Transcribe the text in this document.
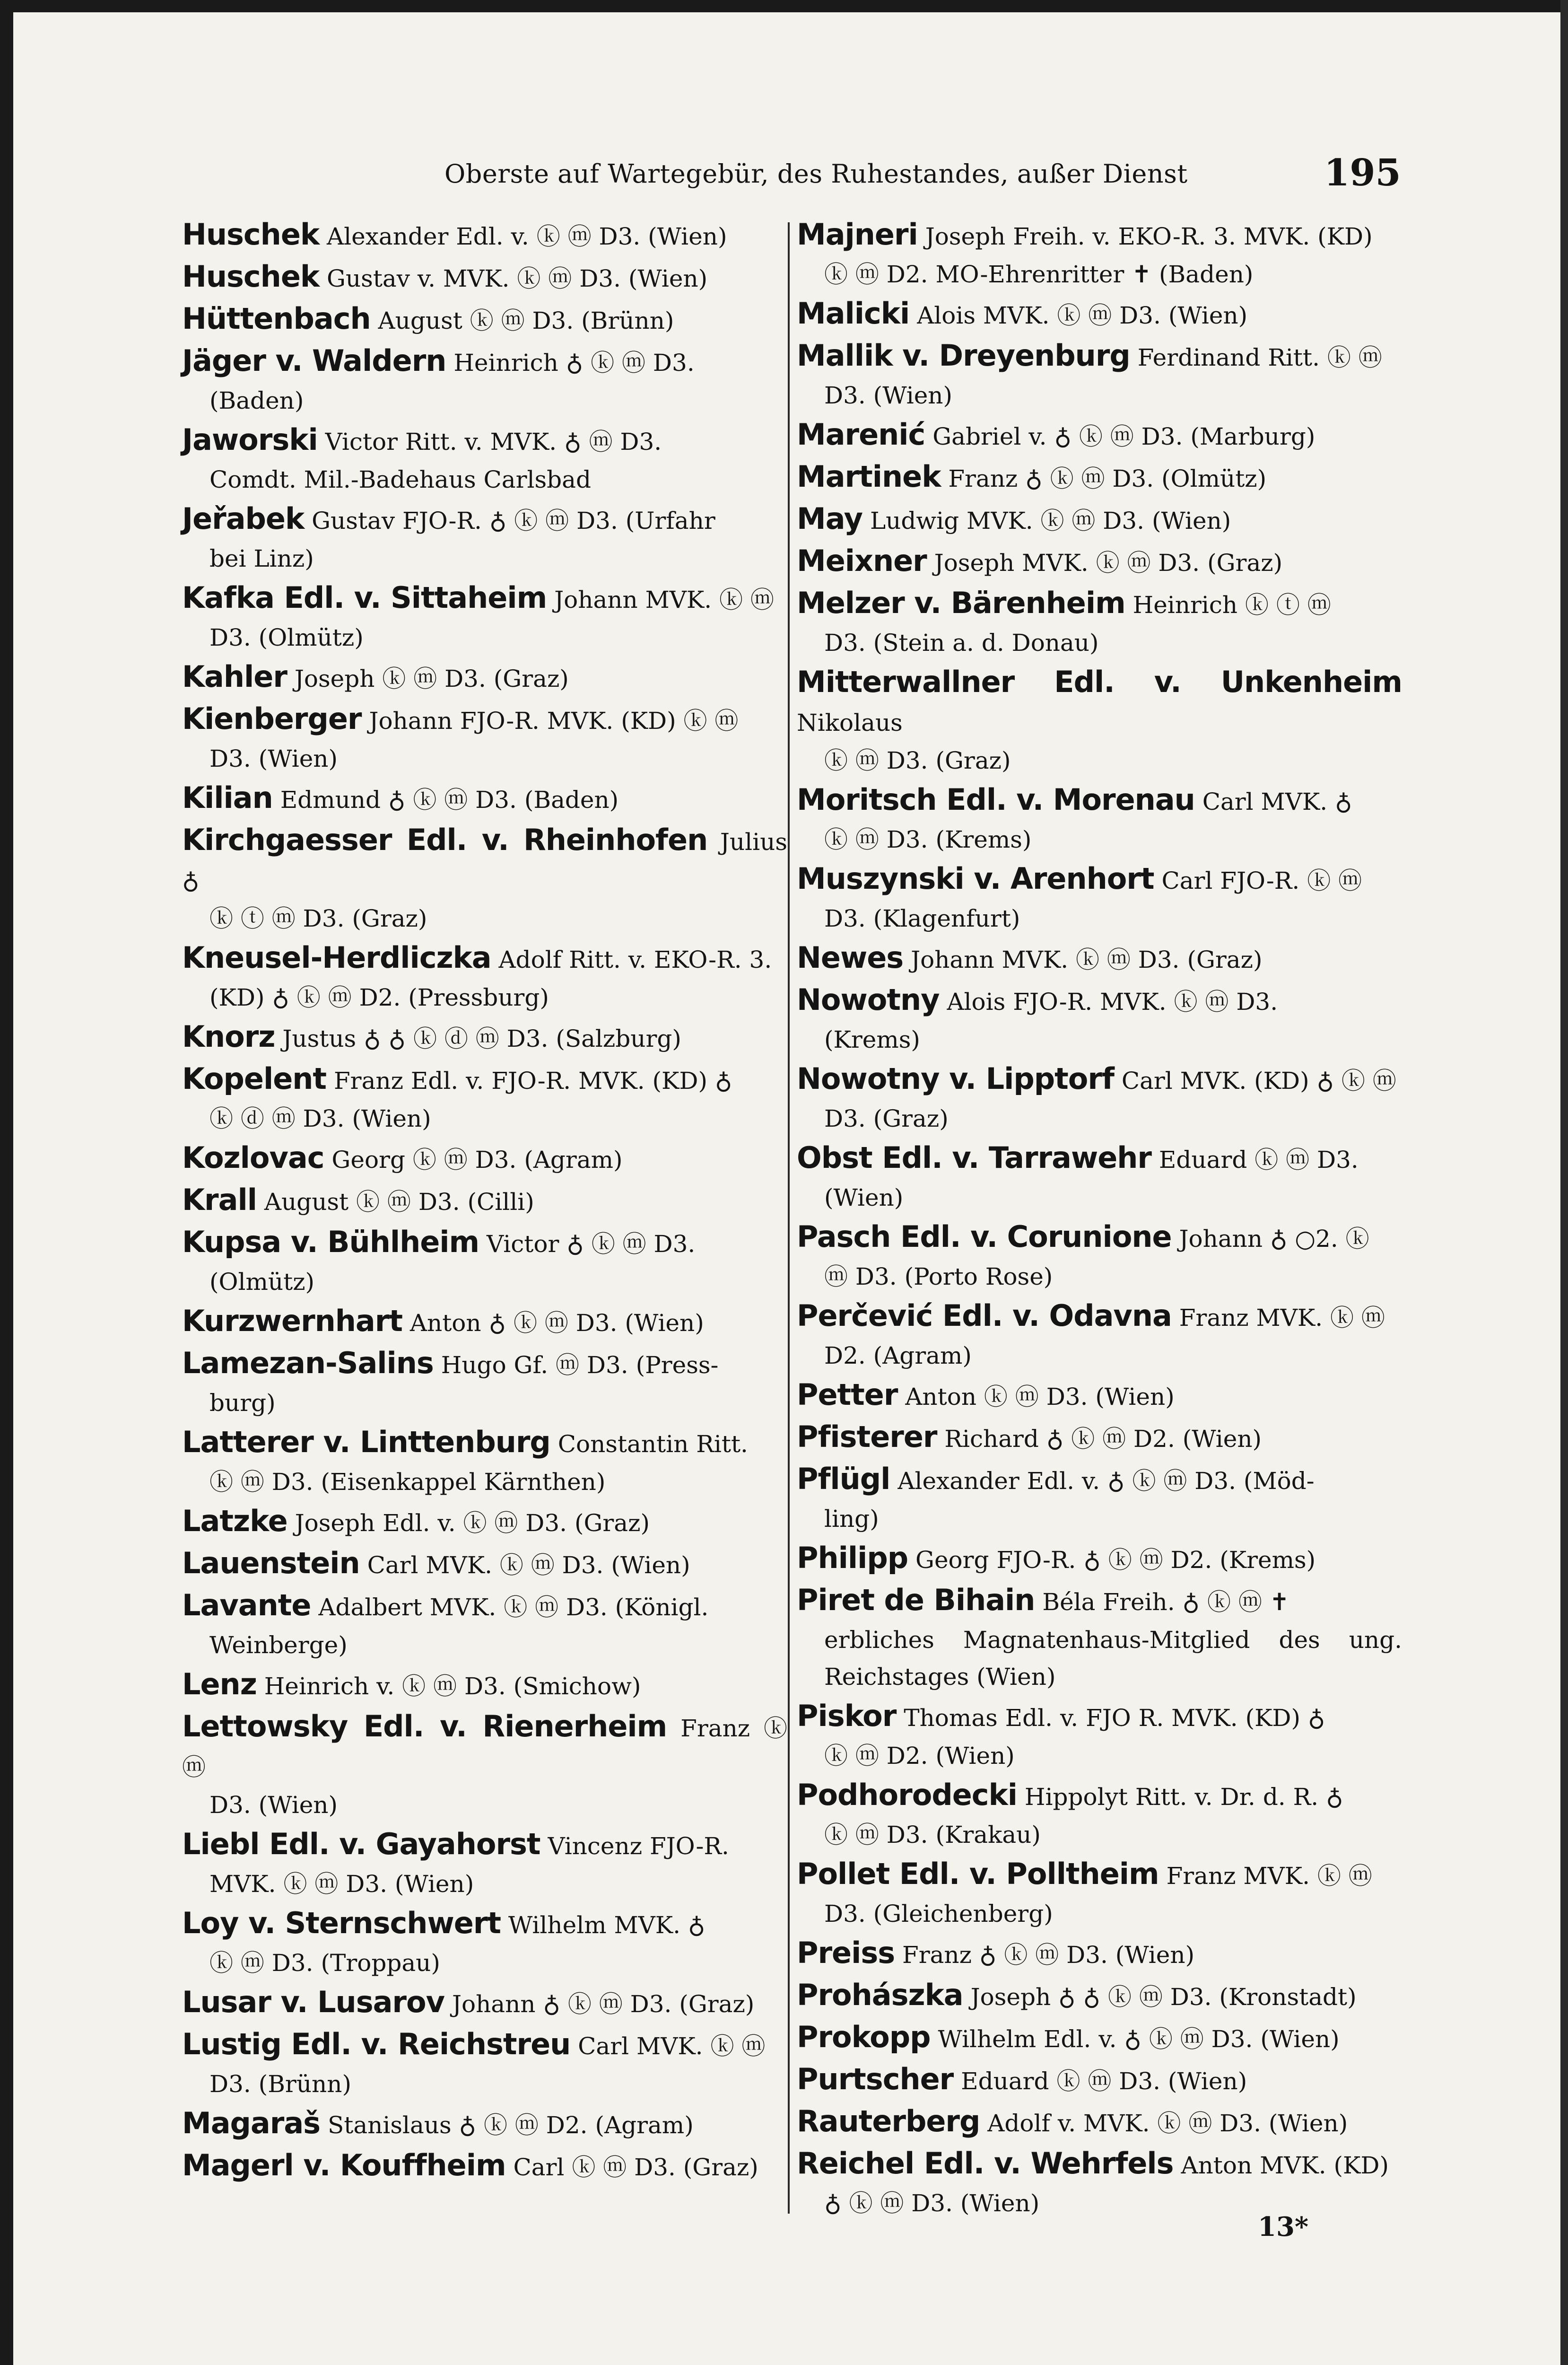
Oberste auf Wartegebür, des Ruhestandes, außer Dienst	195
Huschek Alexander Edl. v. ⓚ ⓜ D3. (Wien)
Huschek Gustav v. MVK. ⓚ ⓜ D3. (Wien)
Hüttenbach August ⓚ ⓜ D3. (Brünn)
Jäger v. Waldern Heinrich ♁ ⓚ ⓜ D3.
(Baden)
Jaworski Victor Ritt. v. MVK. ♁ ⓜ D3.
Comdt. Mil.-Badehaus Carlsbad
Jeřabek Gustav FJO-R. ♁ ⓚ ⓜ D3. (Urfahr
bei Linz)
Kafka Edl. v. Sittaheim Johann MVK. ⓚ ⓜ
D3. (Olmütz)
Kahler Joseph ⓚ ⓜ D3. (Graz)
Kienberger Johann FJO-R. MVK. (KD) ⓚ ⓜ
D3. (Wien)
Kilian Edmund ♁ ⓚ ⓜ D3. (Baden)
Kirchgaesser Edl. v. Rheinhofen Julius ♁
ⓚ ⓣ ⓜ D3. (Graz)
Kneusel-Herdliczka Adolf Ritt. v. EKO-R. 3.
(KD) ♁ ⓚ ⓜ D2. (Pressburg)
Knorz Justus ♁ ♁ ⓚ ⓓ ⓜ D3. (Salzburg)
Kopelent Franz Edl. v. FJO-R. MVK. (KD) ♁
ⓚ ⓓ ⓜ D3. (Wien)
Kozlovac Georg ⓚ ⓜ D3. (Agram)
Krall August ⓚ ⓜ D3. (Cilli)
Kupsa v. Bühlheim Victor ♁ ⓚ ⓜ D3.
(Olmütz)
Kurzwernhart Anton ♁ ⓚ ⓜ D3. (Wien)
Lamezan-Salins Hugo Gf. ⓜ D3. (Press-
burg)
Latterer v. Linttenburg Constantin Ritt.
ⓚ ⓜ D3. (Eisenkappel Kärnthen)
Latzke Joseph Edl. v. ⓚ ⓜ D3. (Graz)
Lauenstein Carl MVK. ⓚ ⓜ D3. (Wien)
Lavante Adalbert MVK. ⓚ ⓜ D3. (Königl.
Weinberge)
Lenz Heinrich v. ⓚ ⓜ D3. (Smichow)
Lettowsky Edl. v. Rienerheim Franz ⓚ ⓜ
D3. (Wien)
Liebl Edl. v. Gayahorst Vincenz FJO-R.
MVK. ⓚ ⓜ D3. (Wien)
Loy v. Sternschwert Wilhelm MVK. ♁
ⓚ ⓜ D3. (Troppau)
Lusar v. Lusarov Johann ♁ ⓚ ⓜ D3. (Graz)
Lustig Edl. v. Reichstreu Carl MVK. ⓚ ⓜ
D3. (Brünn)
Magaraš Stanislaus ♁ ⓚ ⓜ D2. (Agram)
Magerl v. Kouffheim Carl ⓚ ⓜ D3. (Graz)
Majneri Joseph Freih. v. EKO-R. 3. MVK. (KD)
ⓚ ⓜ D2. MO-Ehrenritter ✝ (Baden)
Malicki Alois MVK. ⓚ ⓜ D3. (Wien)
Mallik v. Dreyenburg Ferdinand Ritt. ⓚ ⓜ
D3. (Wien)
Marenić Gabriel v. ♁ ⓚ ⓜ D3. (Marburg)
Martinek Franz ♁ ⓚ ⓜ D3. (Olmütz)
May Ludwig MVK. ⓚ ⓜ D3. (Wien)
Meixner Joseph MVK. ⓚ ⓜ D3. (Graz)
Melzer v. Bärenheim Heinrich ⓚ ⓣ ⓜ
D3. (Stein a. d. Donau)
Mitterwallner Edl. v. Unkenheim Nikolaus
ⓚ ⓜ D3. (Graz)
Moritsch Edl. v. Morenau Carl MVK. ♁
ⓚ ⓜ D3. (Krems)
Muszynski v. Arenhort Carl FJO-R. ⓚ ⓜ
D3. (Klagenfurt)
Newes Johann MVK. ⓚ ⓜ D3. (Graz)
Nowotny Alois FJO-R. MVK. ⓚ ⓜ D3.
(Krems)
Nowotny v. Lipptorf Carl MVK. (KD) ♁ ⓚ ⓜ
D3. (Graz)
Obst Edl. v. Tarrawehr Eduard ⓚ ⓜ D3.
(Wien)
Pasch Edl. v. Corunione Johann ♁ ○2. ⓚ
ⓜ D3. (Porto Rose)
Perčević Edl. v. Odavna Franz MVK. ⓚ ⓜ
D2. (Agram)
Petter Anton ⓚ ⓜ D3. (Wien)
Pfisterer Richard ♁ ⓚ ⓜ D2. (Wien)
Pflügl Alexander Edl. v. ♁ ⓚ ⓜ D3. (Möd-
ling)
Philipp Georg FJO-R. ♁ ⓚ ⓜ D2. (Krems)
Piret de Bihain Béla Freih. ♁ ⓚ ⓜ ✝
erbliches Magnatenhaus-Mitglied des ung. Reichstages (Wien)
Piskor Thomas Edl. v. FJO R. MVK. (KD) ♁
ⓚ ⓜ D2. (Wien)
Podhorodecki Hippolyt Ritt. v. Dr. d. R. ♁
ⓚ ⓜ D3. (Krakau)
Pollet Edl. v. Polltheim Franz MVK. ⓚ ⓜ
D3. (Gleichenberg)
Preiss Franz ♁ ⓚ ⓜ D3. (Wien)
Prohászka Joseph ♁ ♁ ⓚ ⓜ D3. (Kronstadt)
Prokopp Wilhelm Edl. v. ♁ ⓚ ⓜ D3. (Wien)
Purtscher Eduard ⓚ ⓜ D3. (Wien)
Rauterberg Adolf v. MVK. ⓚ ⓜ D3. (Wien)
Reichel Edl. v. Wehrfels Anton MVK. (KD)
♁ ⓚ ⓜ D3. (Wien)
13*
